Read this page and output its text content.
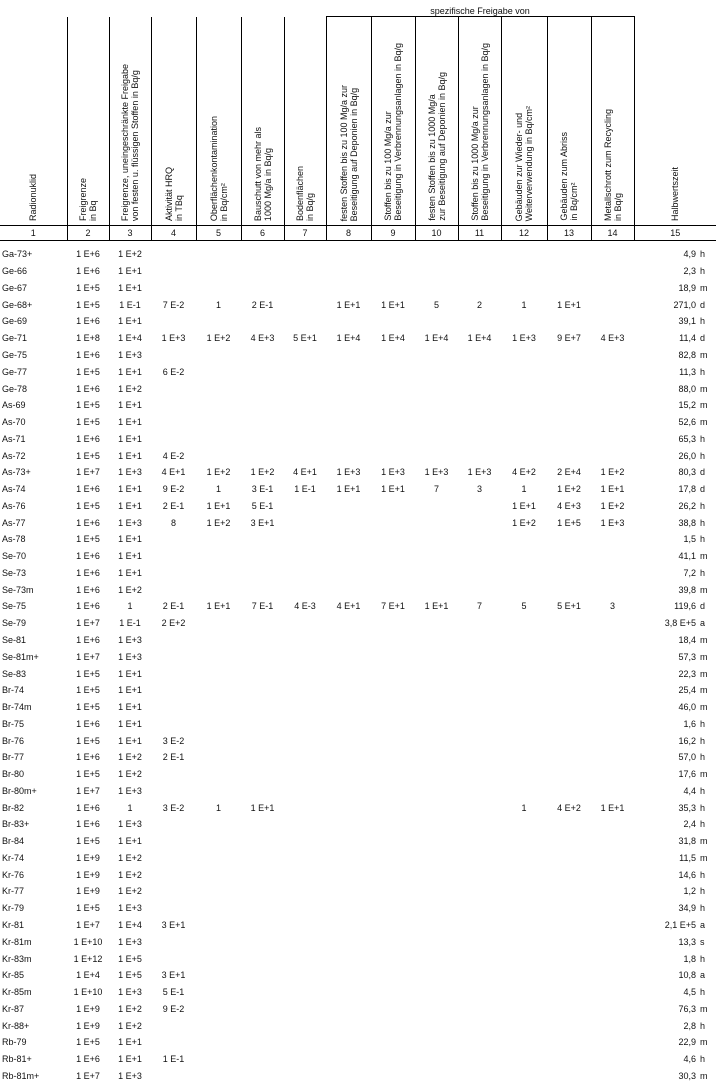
							spezifische Freigabe von							

Radionuklid	Freigrenze
in Bq	Freigrenze, uneingeschränkte Freigabe
von festen u. flüssigen Stoffen in Bq/g	Aktivität HRQ
in TBq	Oberflächenkontamination
in Bq/cm²	Bauschutt von mehr als
1000 Mg/a in Bq/g	Bodenflächen
in Bq/g	festen Stoffen bis zu 100 Mg/a zur
Beseitigung auf Deponien in Bq/g	Stoffen bis zu 100 Mg/a zur
Beseitigung in Verbrennungsanlagen in Bq/g	festen Stoffen bis zu 1000 Mg/a
zur Beseitigung auf Deponien in Bq/g	Stoffen bis zu 1000 Mg/a zur
Beseitigung in Verbrennungsanlagen in Bq/g	Gebäuden zur Wieder- und
Weiterverwendung in Bq/cm²	Gebäuden zum Abriss
in Bq/cm²	Metallschrott zum Recycling
in Bq/g	Halbwertszeit

1	2	3	4	5	6	7	8	9	10	11	12	13	14	15

Ga-73+	1 E+6	1 E+2												4,9 h
Ge-66	1 E+6	1 E+1												2,3 h
Ge-67	1 E+5	1 E+1												18,9 m
Ge-68+	1 E+5	1 E-1	7 E-2	1	2 E-1		1 E+1	1 E+1	5	2	1	1 E+1		271,0 d
Ge-69	1 E+6	1 E+1												39,1 h
Ge-71	1 E+8	1 E+4	1 E+3	1 E+2	4 E+3	5 E+1	1 E+4	1 E+4	1 E+4	1 E+4	1 E+3	9 E+7	4 E+3	11,4 d
Ge-75	1 E+6	1 E+3												82,8 m
Ge-77	1 E+5	1 E+1	6 E-2											11,3 h
Ge-78	1 E+6	1 E+2												88,0 m
As-69	1 E+5	1 E+1												15,2 m
As-70	1 E+5	1 E+1												52,6 m
As-71	1 E+6	1 E+1												65,3 h
As-72	1 E+5	1 E+1	4 E-2											26,0 h
As-73+	1 E+7	1 E+3	4 E+1	1 E+2	1 E+2	4 E+1	1 E+3	1 E+3	1 E+3	1 E+3	4 E+2	2 E+4	1 E+2	80,3 d
As-74	1 E+6	1 E+1	9 E-2	1	3 E-1	1 E-1	1 E+1	1 E+1	7	3	1	1 E+2	1 E+1	17,8 d
As-76	1 E+5	1 E+1	2 E-1	1 E+1	5 E-1						1 E+1	4 E+3	1 E+2	26,2 h
As-77	1 E+6	1 E+3	8	1 E+2	3 E+1						1 E+2	1 E+5	1 E+3	38,8 h
As-78	1 E+5	1 E+1												1,5 h
Se-70	1 E+6	1 E+1												41,1 m
Se-73	1 E+6	1 E+1												7,2 h
Se-73m	1 E+6	1 E+2												39,8 m
Se-75	1 E+6	1	2 E-1	1 E+1	7 E-1	4 E-3	4 E+1	7 E+1	1 E+1	7	5	5 E+1	3	119,6 d
Se-79	1 E+7	1 E-1	2 E+2											3,8 E+5 a
Se-81	1 E+6	1 E+3												18,4 m
Se-81m+	1 E+7	1 E+3												57,3 m
Se-83	1 E+5	1 E+1												22,3 m
Br-74	1 E+5	1 E+1												25,4 m
Br-74m	1 E+5	1 E+1												46,0 m
Br-75	1 E+6	1 E+1												1,6 h
Br-76	1 E+5	1 E+1	3 E-2											16,2 h
Br-77	1 E+6	1 E+2	2 E-1											57,0 h
Br-80	1 E+5	1 E+2												17,6 m
Br-80m+	1 E+7	1 E+3												4,4 h
Br-82	1 E+6	1	3 E-2	1	1 E+1						1	4 E+2	1 E+1	35,3 h
Br-83+	1 E+6	1 E+3												2,4 h
Br-84	1 E+5	1 E+1												31,8 m
Kr-74	1 E+9	1 E+2												11,5 m
Kr-76	1 E+9	1 E+2												14,6 h
Kr-77	1 E+9	1 E+2												1,2 h
Kr-79	1 E+5	1 E+3												34,9 h
Kr-81	1 E+7	1 E+4	3 E+1											2,1 E+5 a
Kr-81m	1 E+10	1 E+3												13,3 s
Kr-83m	1 E+12	1 E+5												1,8 h
Kr-85	1 E+4	1 E+5	3 E+1											10,8 a
Kr-85m	1 E+10	1 E+3	5 E-1											4,5 h
Kr-87	1 E+9	1 E+2	9 E-2											76,3 m
Kr-88+	1 E+9	1 E+2												2,8 h
Rb-79	1 E+5	1 E+1												22,9 m
Rb-81+	1 E+6	1 E+1	1 E-1											4,6 h
Rb-81m+	1 E+7	1 E+3												30,3 m
